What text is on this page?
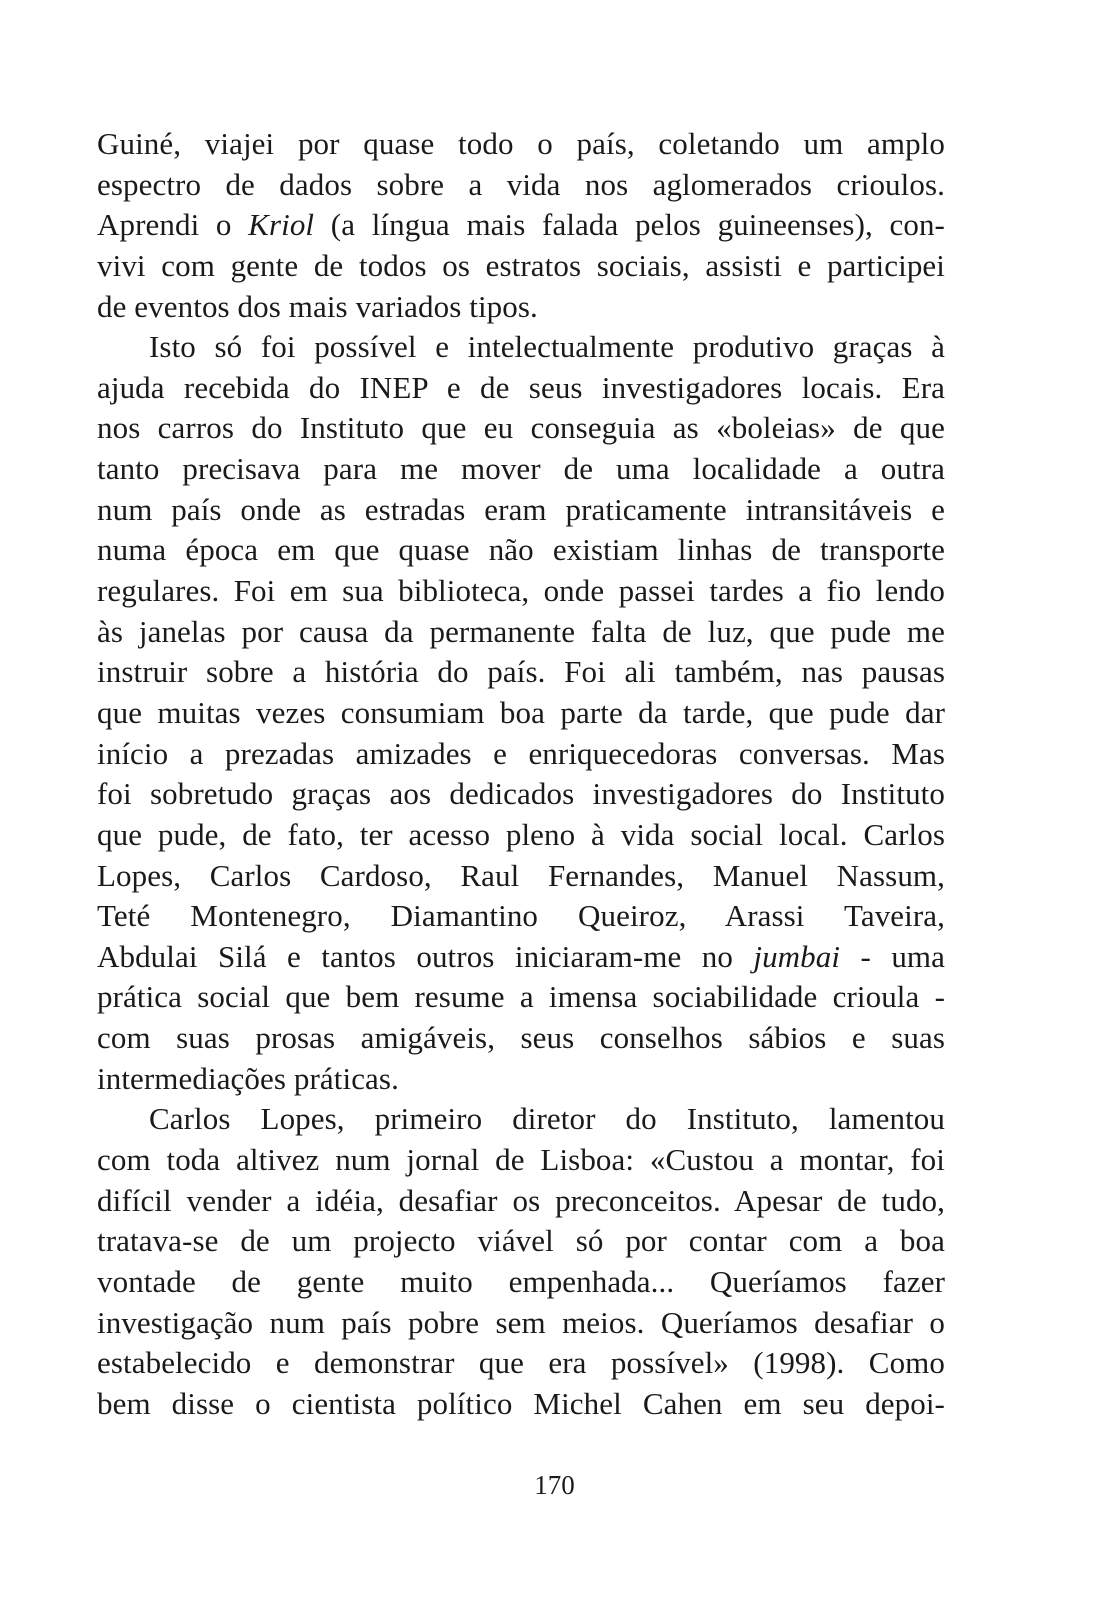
Guiné, viajei por quase todo o país, coletando um amplo
espectro de dados sobre a vida nos aglomerados crioulos.
Aprendi o Kriol (a língua mais falada pelos guineenses), con-
vivi com gente de todos os estratos sociais, assisti e participei
de eventos dos mais variados tipos.
Isto só foi possível e intelectualmente produtivo graças à
ajuda recebida do INEP e de seus investigadores locais. Era
nos carros do Instituto que eu conseguia as «boleias» de que
tanto precisava para me mover de uma localidade a outra
num país onde as estradas eram praticamente intransitáveis e
numa época em que quase não existiam linhas de transporte
regulares. Foi em sua biblioteca, onde passei tardes a fio lendo
às janelas por causa da permanente falta de luz, que pude me
instruir sobre a história do país. Foi ali também, nas pausas
que muitas vezes consumiam boa parte da tarde, que pude dar
início a prezadas amizades e enriquecedoras conversas. Mas
foi sobretudo graças aos dedicados investigadores do Instituto
que pude, de fato, ter acesso pleno à vida social local. Carlos
Lopes, Carlos Cardoso, Raul Fernandes, Manuel Nassum,
Teté Montenegro, Diamantino Queiroz, Arassi Taveira,
Abdulai Silá e tantos outros iniciaram-me no jumbai - uma
prática social que bem resume a imensa sociabilidade crioula -
com suas prosas amigáveis, seus conselhos sábios e suas
intermediações práticas.
Carlos Lopes, primeiro diretor do Instituto, lamentou
com toda altivez num jornal de Lisboa: «Custou a montar, foi
difícil vender a idéia, desafiar os preconceitos. Apesar de tudo,
tratava-se de um projecto viável só por contar com a boa
vontade de gente muito empenhada... Queríamos fazer
investigação num país pobre sem meios. Queríamos desafiar o
estabelecido e demonstrar que era possível» (1998). Como
bem disse o cientista político Michel Cahen em seu depoi-
170
